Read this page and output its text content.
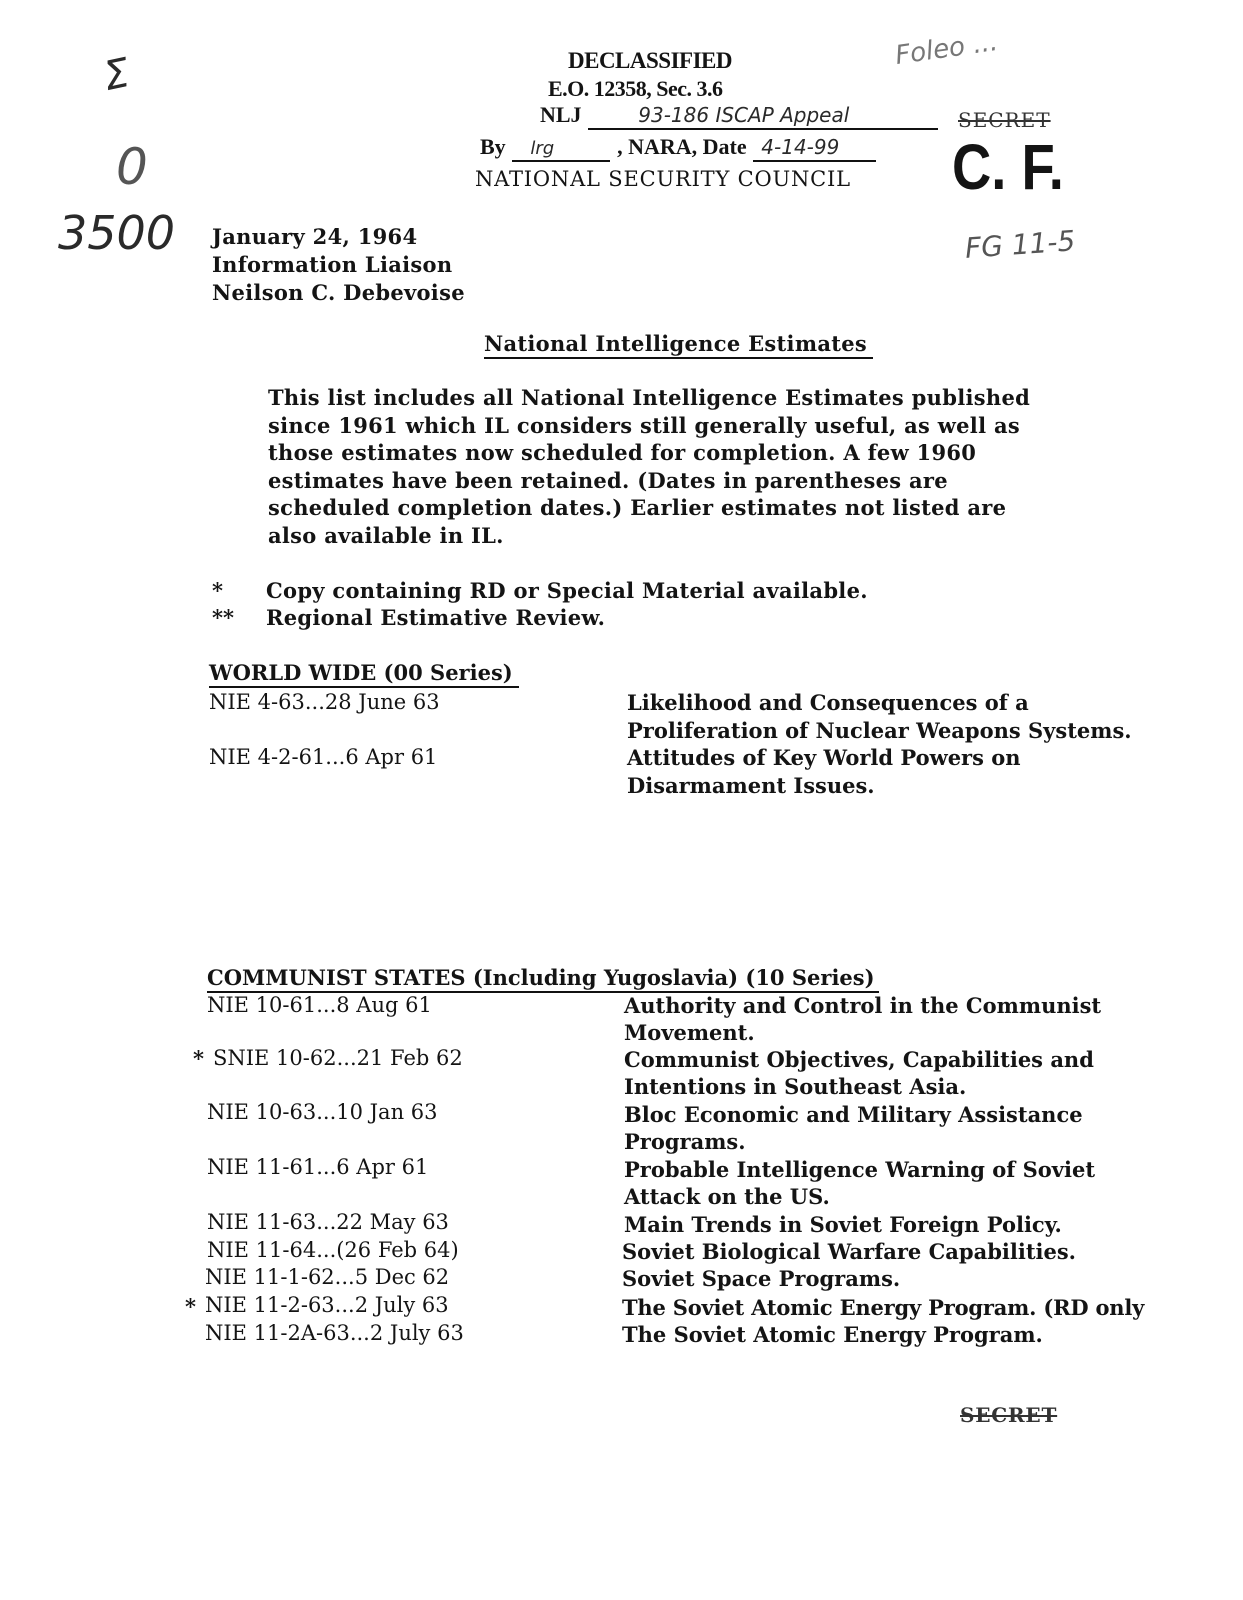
Ʃ
0
3500
Foleo ...
FG 11-5
DECLASSIFIED
E.O. 12358, Sec. 3.6
NLJ	93-186 ISCAP Appeal
By lrg	, NARA, Date 4-14-99
NATIONAL SECURITY COUNCIL
SECRET
C. F.
January 24, 1964
Information Liaison
Neilson C. Debevoise
National Intelligence Estimates
This list includes all National Intelligence Estimates published
since 1961 which IL considers still generally useful, as well as
those estimates now scheduled for completion. A few 1960
estimates have been retained. (Dates in parentheses are
scheduled completion dates.) Earlier estimates not listed are
also available in IL.
* Copy containing RD or Special Material available.
** Regional Estimative Review.
WORLD WIDE (00 Series)
NIE 4-63...28 June 63	Likelihood and Consequences of a
Proliferation of Nuclear Weapons Systems.
NIE 4-2-61...6 Apr 61	Attitudes of Key World Powers on
Disarmament Issues.
COMMUNIST STATES (Including Yugoslavia) (10 Series)
NIE 10-61...8 Aug 61	Authority and Control in the Communist
Movement.
* SNIE 10-62...21 Feb 62	Communist Objectives, Capabilities and
Intentions in Southeast Asia.
NIE 10-63...10 Jan 63	Bloc Economic and Military Assistance
Programs.
NIE 11-61...6 Apr 61	Probable Intelligence Warning of Soviet
Attack on the US.
NIE 11-63...22 May 63	Main Trends in Soviet Foreign Policy.
NIE 11-64...(26 Feb 64)	Soviet Biological Warfare Capabilities.
NIE 11-1-62...5 Dec 62	Soviet Space Programs.
* NIE 11-2-63...2 July 63	The Soviet Atomic Energy Program. (RD only
NIE 11-2A-63...2 July 63	The Soviet Atomic Energy Program.
SECRET
